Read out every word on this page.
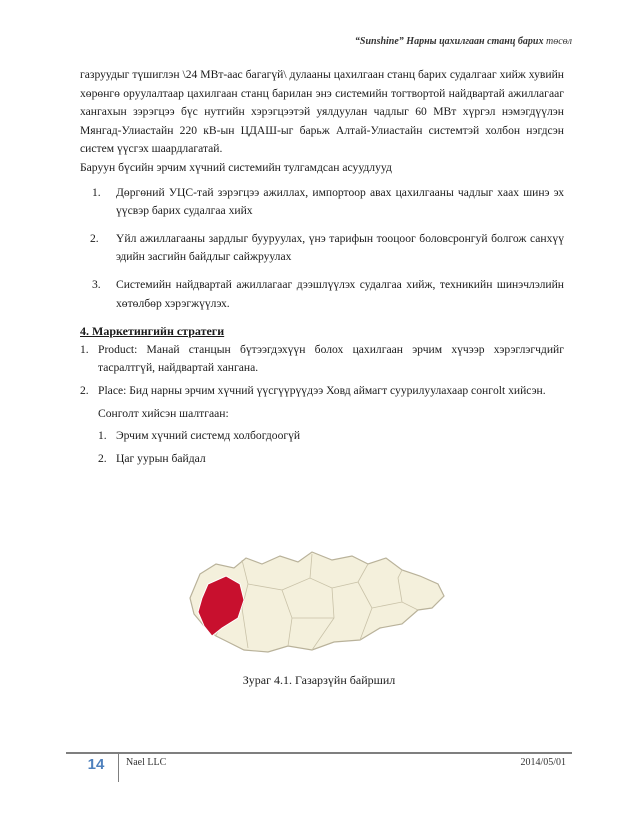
“Sunshine” Нарны цахилгаан станц барих төсөл

газруудыг түшиглэн \24 МВт-аас багагүй\ дулааны цахилгаан станц барих судалгааг хийж хувийн хөрөнгө оруулалтаар цахилгаан станц барилан энэ системийн тогтвортой найдвартай ажиллагааг хангахын зэрэгцээ бүс нутгийн хэрэгцээтэй уялдуулан чадлыг 60 МВт хүргэл нэмэгдүүлэн Мянгад-Улиастайн 220 кВ-ын ЦДАШ-ыг барьж Алтай-Улиастайн системтэй холбон нэгдсэн систем үүсгэх шаардлагатай.

Баруун бүсийн эрчим хүчний системийн тулгамдсан асуудлууд

1. Дөргөний УЦС-тай зэрэгцээ ажиллах, импортоор авах цахилгааны чадлыг хаах шинэ эх үүсвэр барих судалгаа хийх
2. Үйл ажиллагааны зардлыг бууруулах, үнэ тарифын тооцоог боловсронгуй болгож санхүү эдийн засгийн байдлыг сайжруулах
3. Системийн найдвартай ажиллагааг дээшлүүлэх судалгаа хийж, техникийн шинэчлэлийн хөтөлбөр хэрэгжүүлэх.

4. Маркетингийн стратеги

1. Product: Манай станцын бүтээгдэхүүн болох цахилгаан эрчим хүчээр хэрэглэгчдийг тасралтгүй, найдвартай хангана.
2. Place: Бид нарны эрчим хүчний үүсгүүрүүдээ Ховд аймагт суурилуулахаар сонгolt хийсэн.

Сонголт хийсэн шалтгаан:

1. Эрчим хүчний системд холбогдоогүй
2. Цаг уурын байдал
Зураг 4.1. Газарзүйн байршил
14	Nael LLC	2014/05/01
